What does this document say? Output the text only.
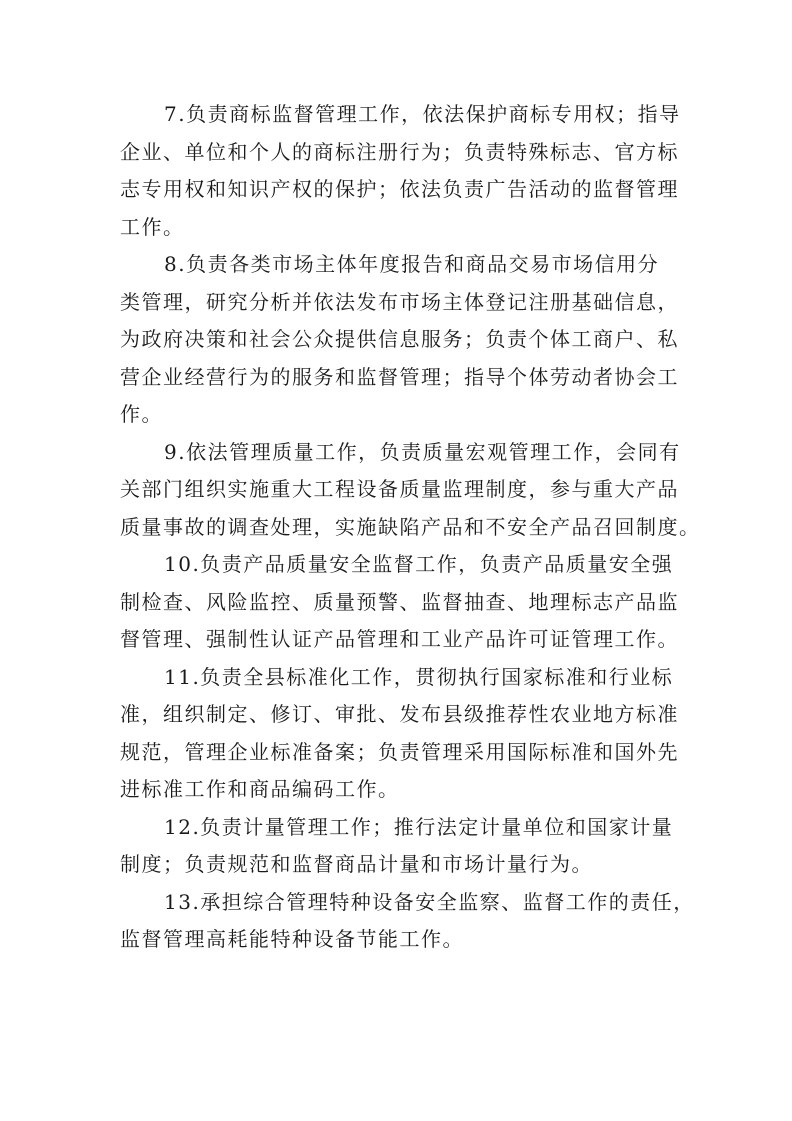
7.负责商标监督管理工作，依法保护商标专用权；指导
企业、单位和个人的商标注册行为；负责特殊标志、官方标
志专用权和知识产权的保护；依法负责广告活动的监督管理
工作。
8.负责各类市场主体年度报告和商品交易市场信用分
类管理，研究分析并依法发布市场主体登记注册基础信息，
为政府决策和社会公众提供信息服务；负责个体工商户、私
营企业经营行为的服务和监督管理；指导个体劳动者协会工
作。
9.依法管理质量工作，负责质量宏观管理工作，会同有
关部门组织实施重大工程设备质量监理制度，参与重大产品
质量事故的调查处理，实施缺陷产品和不安全产品召回制度。
10.负责产品质量安全监督工作，负责产品质量安全强
制检查、风险监控、质量预警、监督抽查、地理标志产品监
督管理、强制性认证产品管理和工业产品许可证管理工作。
11.负责全县标准化工作，贯彻执行国家标准和行业标
准，组织制定、修订、审批、发布县级推荐性农业地方标准
规范，管理企业标准备案；负责管理采用国际标准和国外先
进标准工作和商品编码工作。
12.负责计量管理工作；推行法定计量单位和国家计量
制度；负责规范和监督商品计量和市场计量行为。
13.承担综合管理特种设备安全监察、监督工作的责任，
监督管理高耗能特种设备节能工作。
